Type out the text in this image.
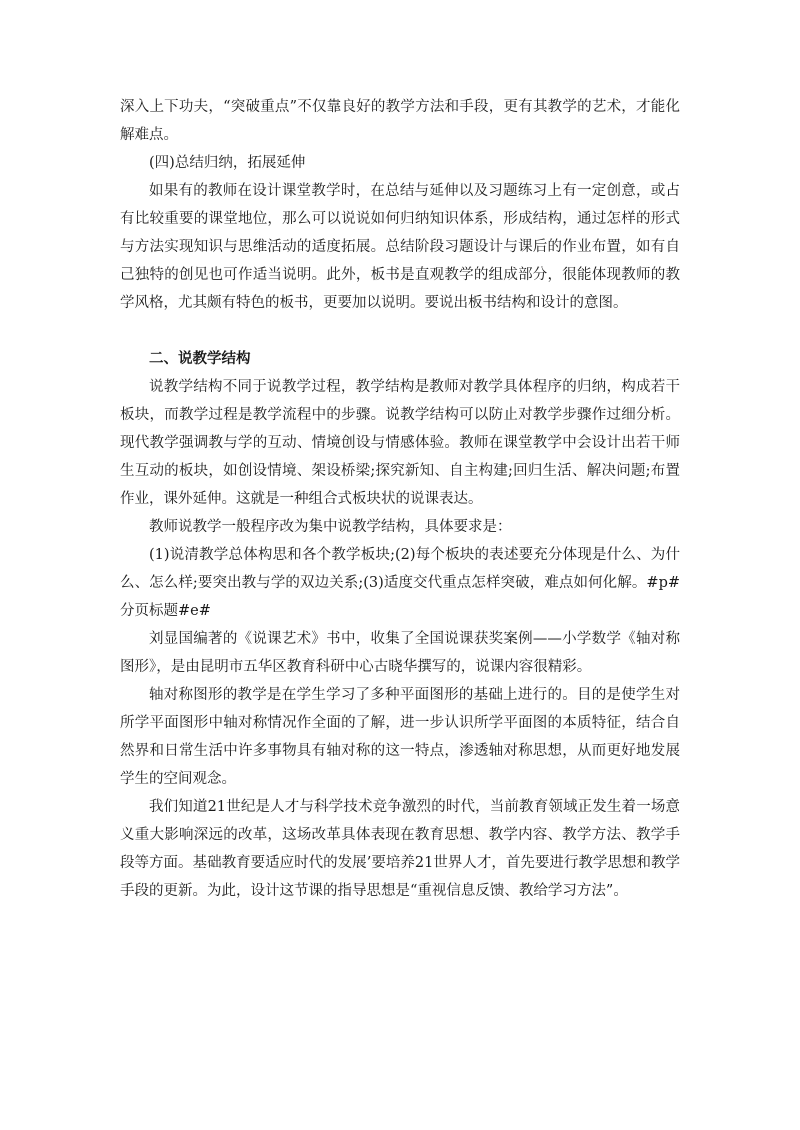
深入上下功夫，“突破重点”不仅靠良好的教学方法和手段，更有其教学的艺术，才能化解难点。

(四)总结归纳，拓展延伸

如果有的教师在设计课堂教学时，在总结与延伸以及习题练习上有一定创意，或占有比较重要的课堂地位，那么可以说说如何归纳知识体系，形成结构，通过怎样的形式与方法实现知识与思维活动的适度拓展。总结阶段习题设计与课后的作业布置，如有自己独特的创见也可作适当说明。此外，板书是直观教学的组成部分，很能体现教师的教学风格，尤其颇有特色的板书，更要加以说明。要说出板书结构和设计的意图。

二、说教学结构

说教学结构不同于说教学过程，教学结构是教师对教学具体程序的归纳，构成若干板块，而教学过程是教学流程中的步骤。说教学结构可以防止对教学步骤作过细分析。现代教学强调教与学的互动、情境创设与情感体验。教师在课堂教学中会设计出若干师生互动的板块，如创设情境、架设桥梁;探究新知、自主构建;回归生活、解决问题;布置作业，课外延伸。这就是一种组合式板块状的说课表达。

教师说教学一般程序改为集中说教学结构，具体要求是：

(1)说清教学总体构思和各个教学板块;(2)每个板块的表述要充分体现是什么、为什么、怎么样;要突出教与学的双边关系;(3)适度交代重点怎样突破，难点如何化解。#p#分页标题#e#

刘显国编著的《说课艺术》书中，收集了全国说课获奖案例——小学数学《轴对称图形》，是由昆明市五华区教育科研中心古晓华撰写的，说课内容很精彩。

轴对称图形的教学是在学生学习了多种平面图形的基础上进行的。目的是使学生对所学平面图形中轴对称情况作全面的了解，进一步认识所学平面图的本质特征，结合自然界和日常生活中许多事物具有轴对称的这一特点，渗透轴对称思想，从而更好地发展学生的空间观念。

我们知道21世纪是人才与科学技术竞争激烈的时代，当前教育领域正发生着一场意义重大影响深远的改革，这场改革具体表现在教育思想、教学内容、教学方法、教学手段等方面。基础教育要适应时代的发展’要培养21世界人才，首先要进行教学思想和教学手段的更新。为此，设计这节课的指导思想是“重视信息反馈、教给学习方法”。
